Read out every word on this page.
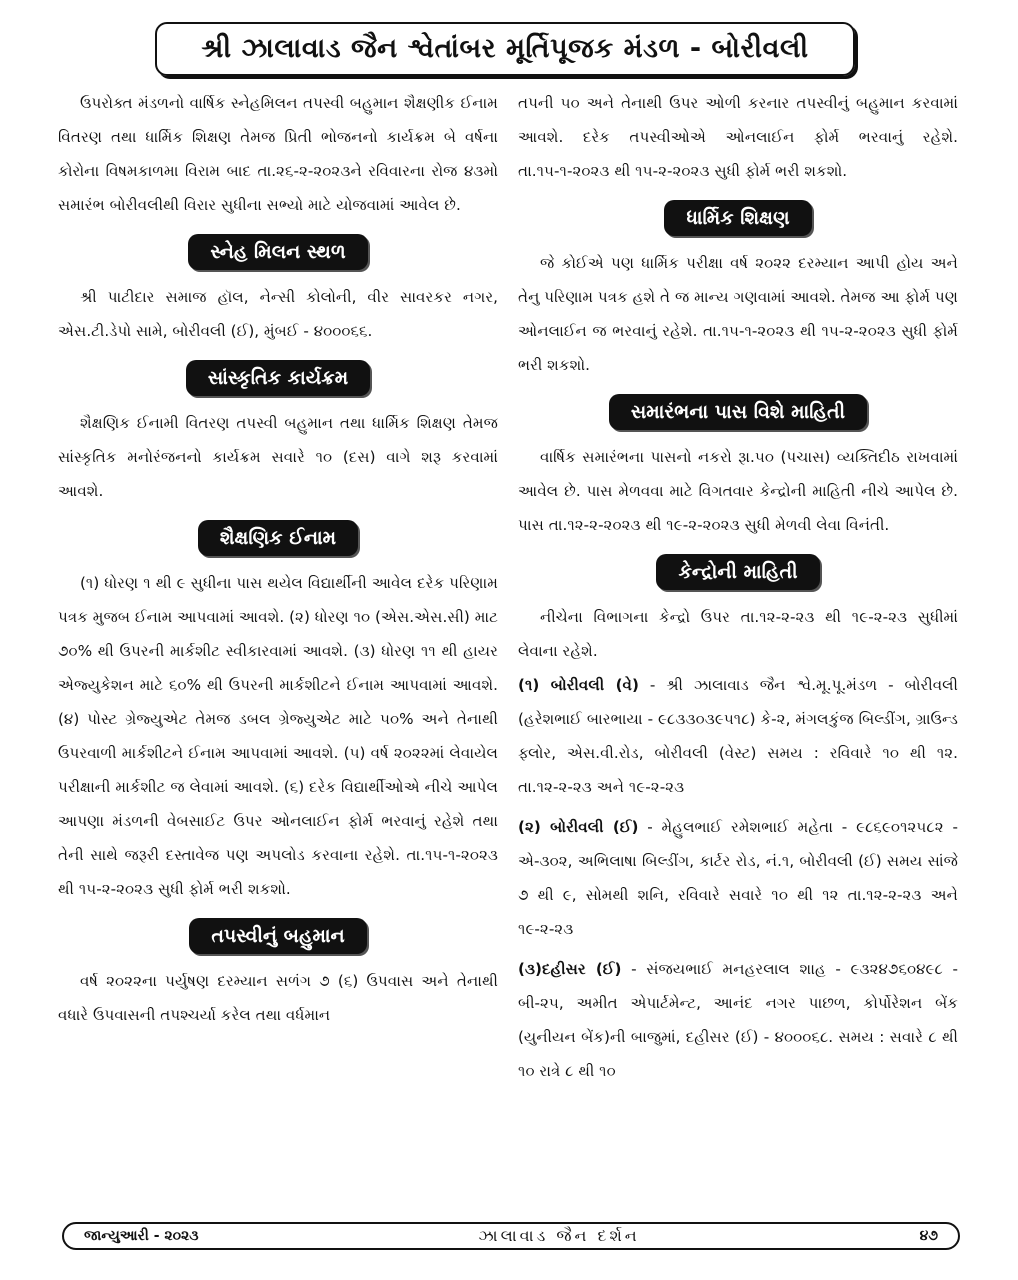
શ્રી ઝાલાવાડ જૈન શ્વેતાંબર મૂર્તિપૂજક મંડળ - બોરીવલી

ઉપરોક્ત મંડળનો વાર્ષિક સ્નેહમિલન તપસ્વી બહુમાન શૈક્ષણીક ઈનામ વિતરણ તથા ધાર્મિક શિક્ષણ તેમજ પ્રિતી ભોજનનો કાર્યક્રમ બે વર્ષના કોરોના વિષમકાળમા વિરામ બાદ તા.૨૬-૨-૨૦૨૩ને રવિવારના રોજ ૪૩મો સમારંભ બોરીવલીથી વિરાર સુધીના સભ્યો માટે યોજવામાં આવેલ છે.

સ્નેહ મિલન સ્થળ

શ્રી પાટીદાર સમાજ હૉલ, નેન્સી કોલોની, વીર સાવરકર નગર, એસ.ટી.ડેપો સામે, બોરીવલી (ઈ), મુંબઈ - ૪૦૦૦૬૬.

સાંસ્કૃતિક કાર્યક્રમ

શૈક્ષણિક ઈનામી વિતરણ તપસ્વી બહુમાન તથા ધાર્મિક શિક્ષણ તેમજ સાંસ્કૃતિક મનોરંજનનો કાર્યક્રમ સવારે ૧૦ (દસ) વાગે શરૂ કરવામાં આવશે.

શૈક્ષણિક ઈનામ

(૧) ધોરણ ૧ થી ૯ સુધીના પાસ થયેલ વિદ્યાર્થીની આવેલ દરેક પરિણામ પત્રક મુજબ ઈનામ આપવામાં આવશે. (૨) ધોરણ ૧૦ (એસ.એસ.સી) માટ ૭૦% થી ઉપરની માર્કશીટ સ્વીકારવામાં આવશે. (૩) ધોરણ ૧૧ થી હાયર એજ્યુકેશન માટે ૬૦% થી ઉપરની માર્કશીટને ઈનામ આપવામાં આવશે. (૪) પોસ્ટ ગ્રેજ્યુએટ તેમજ ડબલ ગ્રેજ્યુએટ માટે ૫૦% અને તેનાથી ઉપરવાળી માર્કશીટને ઈનામ આપવામાં આવશે. (૫) વર્ષ ૨૦૨૨માં લેવાયેલ પરીક્ષાની માર્કશીટ જ લેવામાં આવશે. (૬) દરેક વિદ્યાર્થીઓએ નીચે આપેલ આપણા મંડળની વેબસાઈટ ઉપર ઓનલાઈન ફોર્મ ભરવાનું રહેશે તથા તેની સાથે જરૂરી દસ્તાવેજ પણ અપલોડ કરવાના રહેશે. તા.૧૫-૧-૨૦૨૩ થી ૧૫-૨-૨૦૨૩ સુધી ફોર્મ ભરી શકશો.

તપસ્વીનું બહુમાન

વર્ષ ૨૦૨૨ના પર્યુષણ દરમ્યાન સળંગ ૭ (૬) ઉપવાસ અને તેનાથી વધારે ઉપવાસની તપશ્ચર્યા કરેલ તથા વર્ધમાન

તપની ૫૦ અને તેનાથી ઉપર ઓળી કરનાર તપસ્વીનું બહુમાન કરવામાં આવશે. દરેક તપસ્વીઓએ ઓનલાઈન ફોર્મ ભરવાનું રહેશે. તા.૧૫-૧-૨૦૨૩ થી ૧૫-૨-૨૦૨૩ સુધી ફોર્મ ભરી શકશો.

ધાર્મિક શિક્ષણ

જે કોઈએ પણ ધાર્મિક પરીક્ષા વર્ષ ૨૦૨૨ દરમ્યાન આપી હોય અને તેનુ પરિણામ પત્રક હશે તે જ માન્ય ગણવામાં આવશે. તેમજ આ ફોર્મ પણ ઓનલાઈન જ ભરવાનું રહેશે. તા.૧૫-૧-૨૦૨૩ થી ૧૫-૨-૨૦૨૩ સુધી ફોર્મ ભરી શકશો.

સમારંભના પાસ વિશે માહિતી

વાર્ષિક સમારંભના પાસનો નકરો રૂા.૫૦ (પચાસ) વ્યક્તિદીઠ રાખવામાં આવેલ છે. પાસ મેળવવા માટે વિગતવાર કેન્દ્રોની માહિતી નીચે આપેલ છે. પાસ તા.૧૨-૨-૨૦૨૩ થી ૧૯-૨-૨૦૨૩ સુધી મેળવી લેવા વિનંતી.

કેન્દ્રોની માહિતી

નીચેના વિભાગના કેન્દ્રો ઉપર તા.૧૨-૨-૨૩ થી ૧૯-૨-૨૩ સુધીમાં લેવાના રહેશે.

(૧) બોરીવલી (વે) - શ્રી ઝાલાવાડ જૈન શ્વે.મૂ.પૂ.મંડળ - બોરીવલી (હરેશભાઈ બારભાયા - ૯૮૩૩૦૩૯૫૧૮) કે-૨, મંગલકુંજ બિલ્ડીંગ, ગ્રાઉન્ડ ફ્લોર, એસ.વી.રોડ, બોરીવલી (વેસ્ટ) સમય : રવિવારે ૧૦ થી ૧૨. તા.૧૨-૨-૨૩ અને ૧૯-૨-૨૩

(૨) બોરીવલી (ઈ) - મેહુલભાઈ રમેશભાઈ મહેતા - ૯૮૬૯૦૧૨૫૮૨ - એ-૩૦૨, અભિલાષા બિલ્ડીંગ, કાર્ટર રોડ, નં.૧, બોરીવલી (ઈ) સમય સાંજે ૭ થી ૯, સોમથી શનિ, રવિવારે સવારે ૧૦ થી ૧૨ તા.૧૨-૨-૨૩ અને ૧૯-૨-૨૩

(૩)દહીસર (ઈ) - સંજયભાઈ મનહરલાલ શાહ - ૯૩૨૪૭૬૦૪૯૮ - બી-૨૫, અમીત એપાર્ટમેન્ટ, આનંદ નગર પાછળ, કોર્પોરેશન બેંક (યુનીયન બેંક)ની બાજુમાં, દહીસર (ઈ) - ૪૦૦૦૬૮. સમય : સવારે ૮ થી ૧૦ રાત્રે ૮ થી ૧૦

જાન્યુઆરી - ૨૦૨૩	ઝાલાવાડ જૈન દર્શન	૪૭
